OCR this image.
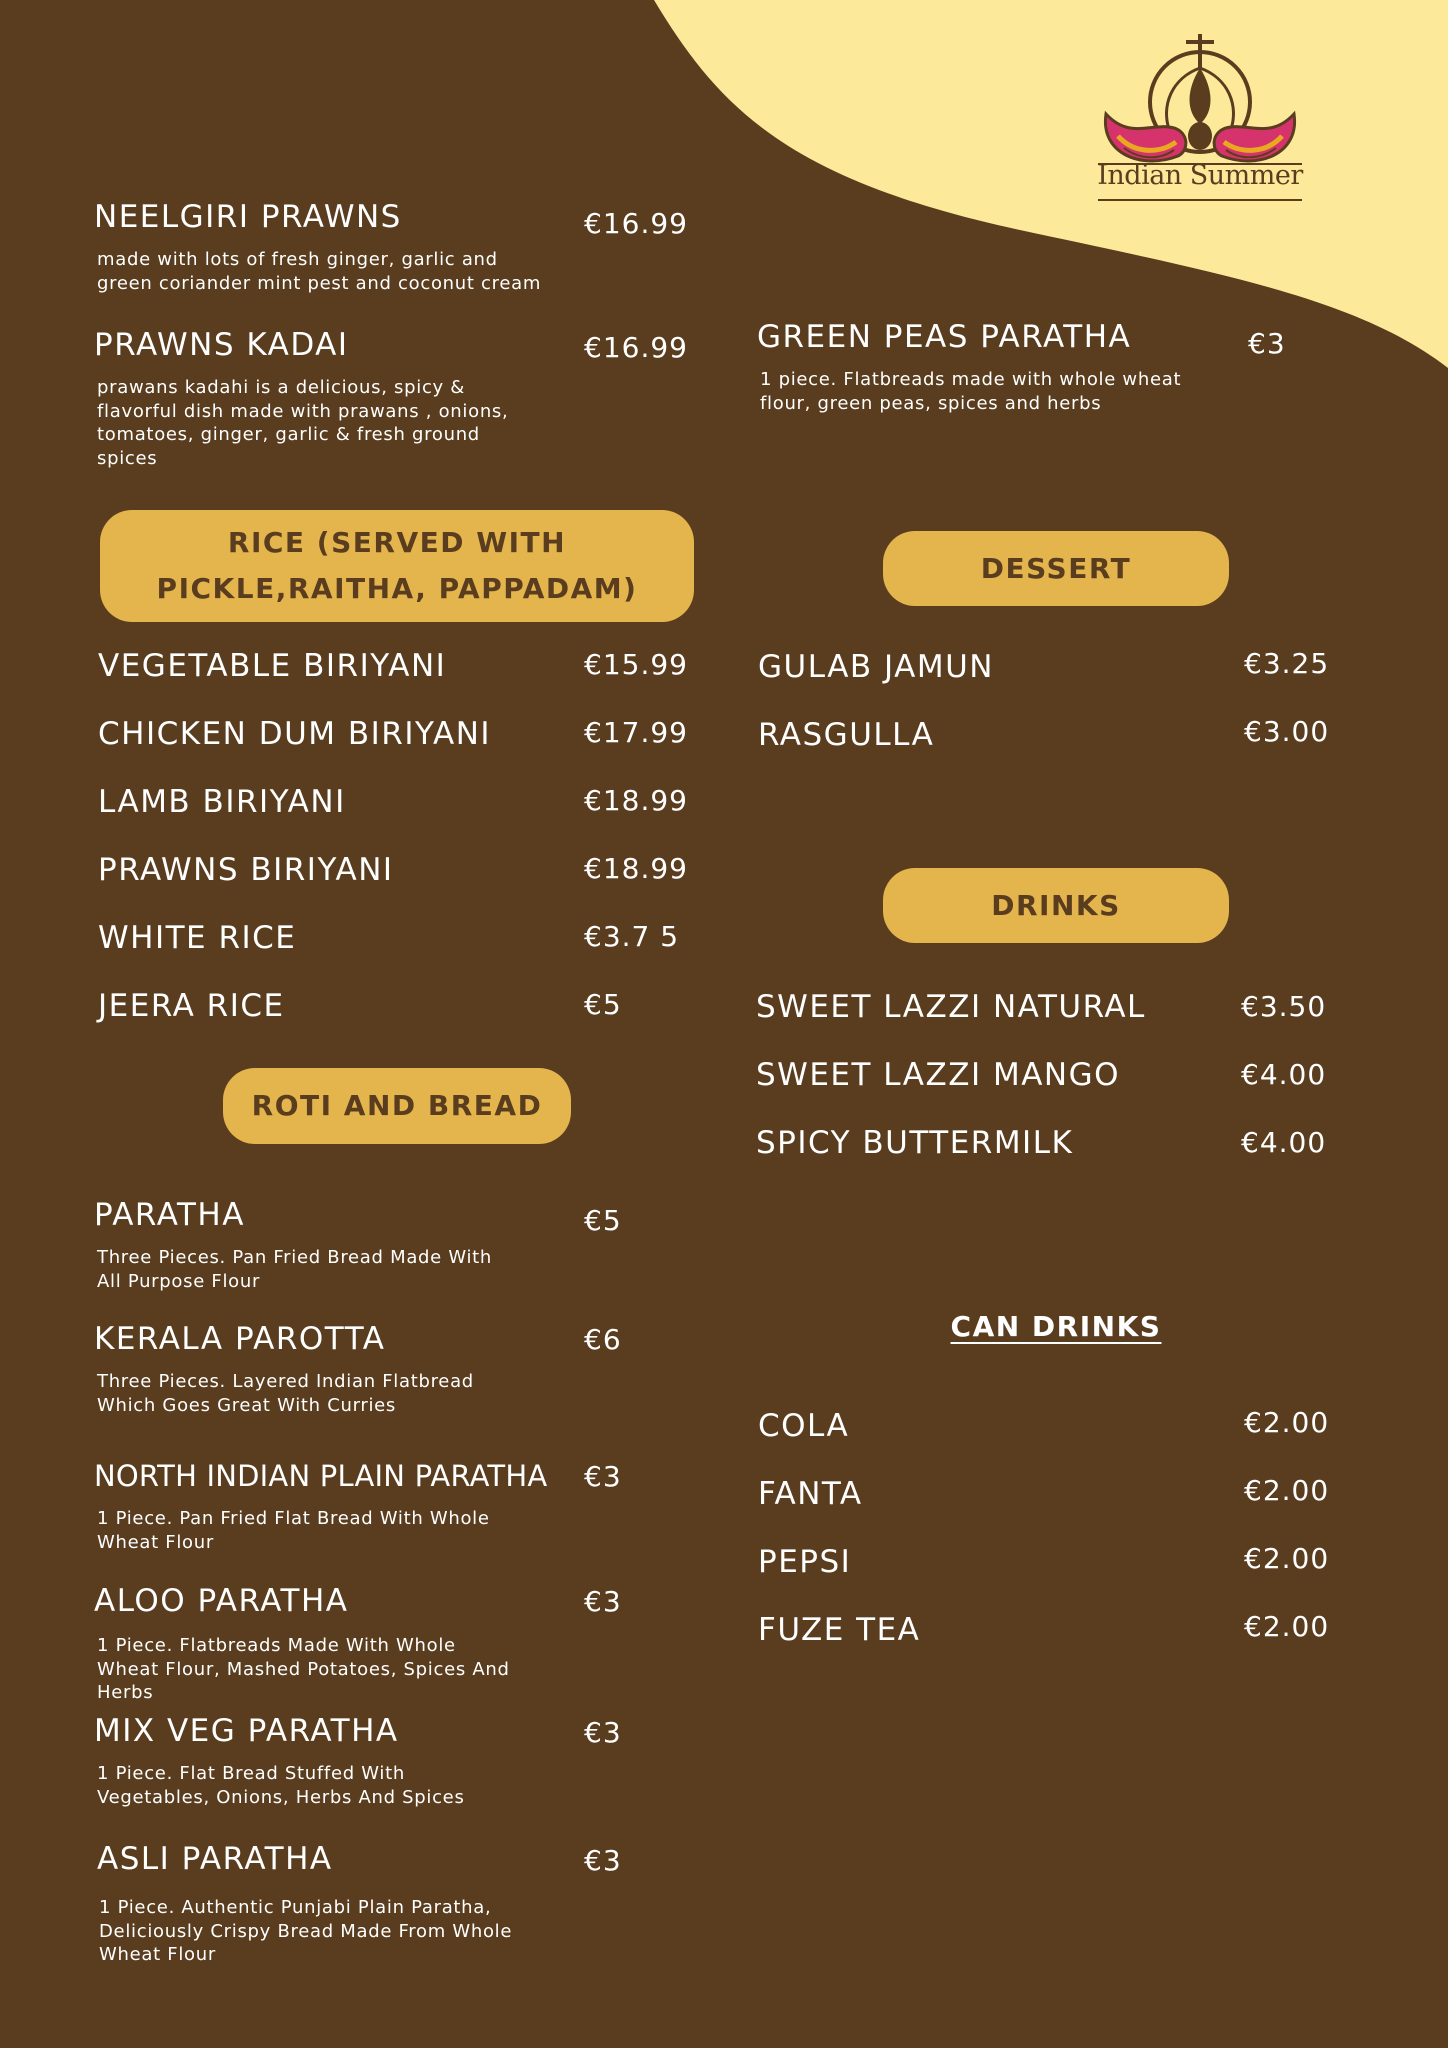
Indian Summer
NEELGIRI PRAWNS	€16.99
made with lots of fresh ginger, garlic and
green coriander mint pest and coconut cream
PRAWNS KADAI	€16.99
prawans kadahi is a delicious, spicy &
flavorful dish made with prawans , onions,
tomatoes, ginger, garlic & fresh ground
spices
RICE (SERVED WITH
PICKLE,RAITHA, PAPPADAM)
VEGETABLE BIRIYANI	€15.99
CHICKEN DUM BIRIYANI	€17.99
LAMB BIRIYANI	€18.99
PRAWNS BIRIYANI	€18.99
WHITE RICE	€3.7 5
JEERA RICE	€5
ROTI AND BREAD
PARATHA	€5
Three Pieces. Pan Fried Bread Made With
All Purpose Flour
KERALA PAROTTA	€6
Three Pieces. Layered Indian Flatbread
Which Goes Great With Curries
NORTH INDIAN PLAIN PARATHA €3
1 Piece. Pan Fried Flat Bread With Whole
Wheat Flour
ALOO PARATHA	€3
1 Piece. Flatbreads Made With Whole
Wheat Flour, Mashed Potatoes, Spices And
Herbs
MIX VEG PARATHA	€3
1 Piece. Flat Bread Stuffed With
Vegetables, Onions, Herbs And Spices
ASLI PARATHA	€3
1 Piece. Authentic Punjabi Plain Paratha,
Deliciously Crispy Bread Made From Whole
Wheat Flour
GREEN PEAS PARATHA	€3
1 piece. Flatbreads made with whole wheat
flour, green peas, spices and herbs
DESSERT
GULAB JAMUN	€3.25
RASGULLA	€3.00
DRINKS
SWEET LAZZI NATURAL	€3.50
SWEET LAZZI MANGO	€4.00
SPICY BUTTERMILK	€4.00
CAN DRINKS
COLA	€2.00
FANTA	€2.00
PEPSI	€2.00
FUZE TEA	€2.00
